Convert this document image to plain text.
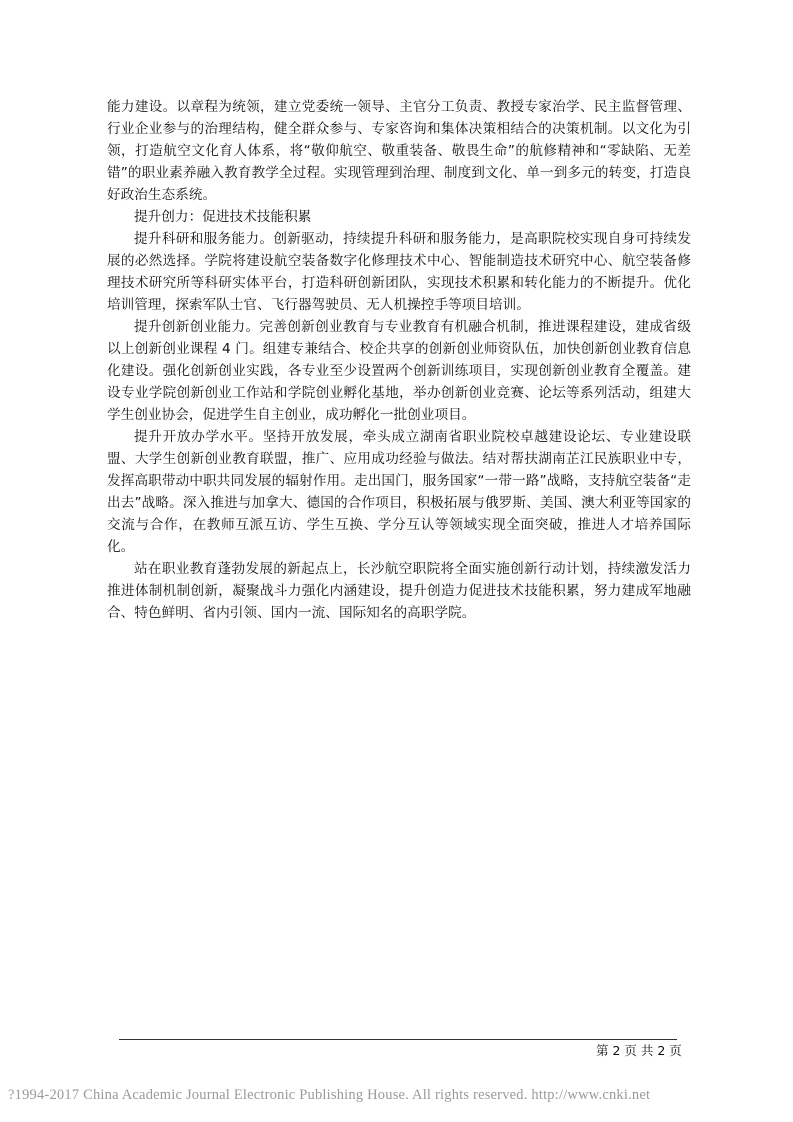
能力建设。以章程为统领，建立党委统一领导、主官分工负责、教授专家治学、民主监督管理、行业企业参与的治理结构，健全群众参与、专家咨询和集体决策相结合的决策机制。以文化为引领，打造航空文化育人体系，将“敬仰航空、敬重装备、敬畏生命”的航修精神和“零缺陷、无差错”的职业素养融入教育教学全过程。实现管理到治理、制度到文化、单一到多元的转变，打造良好政治生态系统。

提升创力：促进技术技能积累

提升科研和服务能力。创新驱动，持续提升科研和服务能力，是高职院校实现自身可持续发展的必然选择。学院将建设航空装备数字化修理技术中心、智能制造技术研究中心、航空装备修理技术研究所等科研实体平台，打造科研创新团队，实现技术积累和转化能力的不断提升。优化培训管理，探索军队士官、飞行器驾驶员、无人机操控手等项目培训。

提升创新创业能力。完善创新创业教育与专业教育有机融合机制，推进课程建设，建成省级以上创新创业课程 4 门。组建专兼结合、校企共享的创新创业师资队伍，加快创新创业教育信息化建设。强化创新创业实践，各专业至少设置两个创新训练项目，实现创新创业教育全覆盖。建设专业学院创新创业工作站和学院创业孵化基地，举办创新创业竞赛、论坛等系列活动，组建大学生创业协会，促进学生自主创业，成功孵化一批创业项目。

提升开放办学水平。坚持开放发展，牵头成立湖南省职业院校卓越建设论坛、专业建设联盟、大学生创新创业教育联盟，推广、应用成功经验与做法。结对帮扶湖南芷江民族职业中专，发挥高职带动中职共同发展的辐射作用。走出国门，服务国家“一带一路”战略，支持航空装备“走出去”战略。深入推进与加拿大、德国的合作项目，积极拓展与俄罗斯、美国、澳大利亚等国家的交流与合作，在教师互派互访、学生互换、学分互认等领域实现全面突破，推进人才培养国际化。

站在职业教育蓬勃发展的新起点上，长沙航空职院将全面实施创新行动计划，持续激发活力推进体制机制创新，凝聚战斗力强化内涵建设，提升创造力促进技术技能积累，努力建成军地融合、特色鲜明、省内引领、国内一流、国际知名的高职学院。

第 2 页 共 2 页
?1994-2017 China Academic Journal Electronic Publishing House. All rights reserved. http://www.cnki.net
